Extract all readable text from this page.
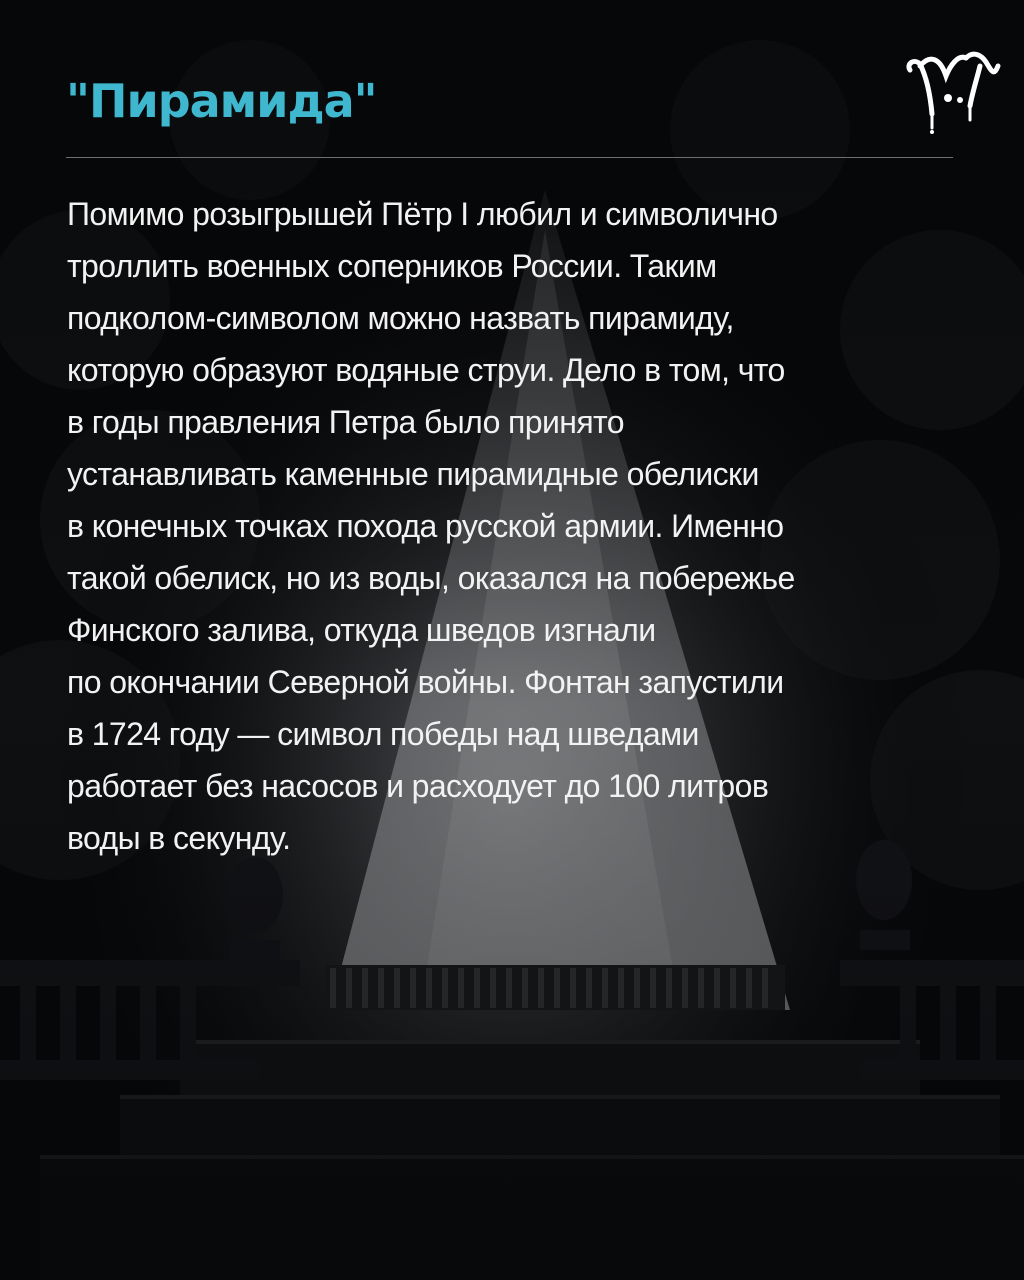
"Пирамида"
Помимо розыгрышей Пётр I любил и символично
троллить военных соперников России. Таким
подколом-символом можно назвать пирамиду,
которую образуют водяные струи. Дело в том, что
в годы правления Петра было принято
устанавливать каменные пирамидные обелиски
в конечных точках похода русской армии. Именно
такой обелиск, но из воды, оказался на побережье
Финского залива, откуда шведов изгнали
по окончании Северной войны. Фонтан запустили
в 1724 году — символ победы над шведами
работает без насосов и расходует до 100 литров
воды в секунду.
